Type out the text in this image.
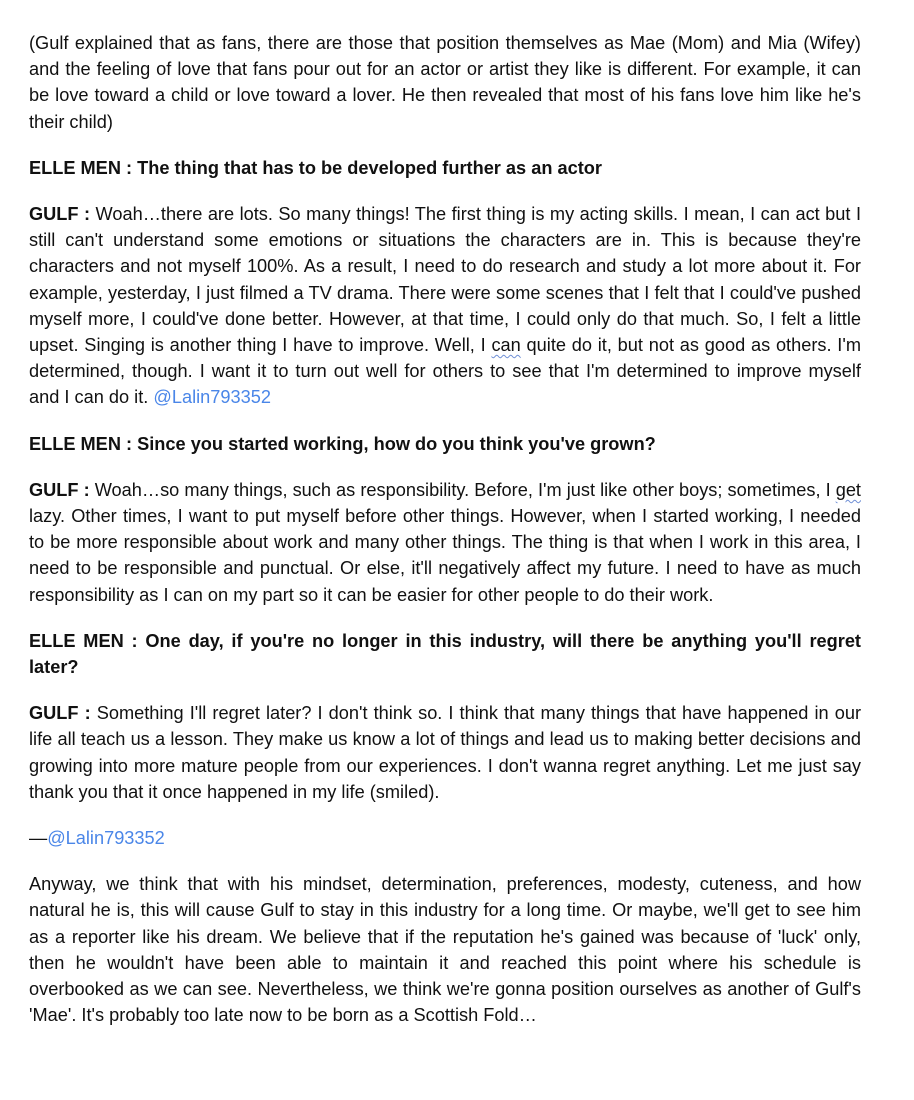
(Gulf explained that as fans, there are those that position themselves as Mae (Mom) and Mia (Wifey) and the feeling of love that fans pour out for an actor or artist they like is different. For example, it can be love toward a child or love toward a lover. He then revealed that most of his fans love him like he's their child)

ELLE MEN : The thing that has to be developed further as an actor

GULF : Woah…there are lots. So many things! The first thing is my acting skills. I mean, I can act but I still can't understand some emotions or situations the characters are in. This is because they're characters and not myself 100%. As a result, I need to do research and study a lot more about it. For example, yesterday, I just filmed a TV drama. There were some scenes that I felt that I could've pushed myself more, I could've done better. However, at that time, I could only do that much. So, I felt a little upset. Singing is another thing I have to improve. Well, I can quite do it, but not as good as others. I'm determined, though. I want it to turn out well for others to see that I'm determined to improve myself and I can do it. @Lalin793352

ELLE MEN : Since you started working, how do you think you've grown?

GULF : Woah…so many things, such as responsibility. Before, I'm just like other boys; sometimes, I get lazy. Other times, I want to put myself before other things. However, when I started working, I needed to be more responsible about work and many other things. The thing is that when I work in this area, I need to be responsible and punctual. Or else, it'll negatively affect my future. I need to have as much responsibility as I can on my part so it can be easier for other people to do their work.

ELLE MEN : One day, if you're no longer in this industry, will there be anything you'll regret later?

GULF : Something I'll regret later? I don't think so. I think that many things that have happened in our life all teach us a lesson. They make us know a lot of things and lead us to making better decisions and growing into more mature people from our experiences. I don't wanna regret anything. Let me just say thank you that it once happened in my life (smiled).

—@Lalin793352

Anyway, we think that with his mindset, determination, preferences, modesty, cuteness, and how natural he is, this will cause Gulf to stay in this industry for a long time. Or maybe, we'll get to see him as a reporter like his dream. We believe that if the reputation he's gained was because of 'luck' only, then he wouldn't have been able to maintain it and reached this point where his schedule is overbooked as we can see. Nevertheless, we think we're gonna position ourselves as another of Gulf's 'Mae'. It's probably too late now to be born as a Scottish Fold…
